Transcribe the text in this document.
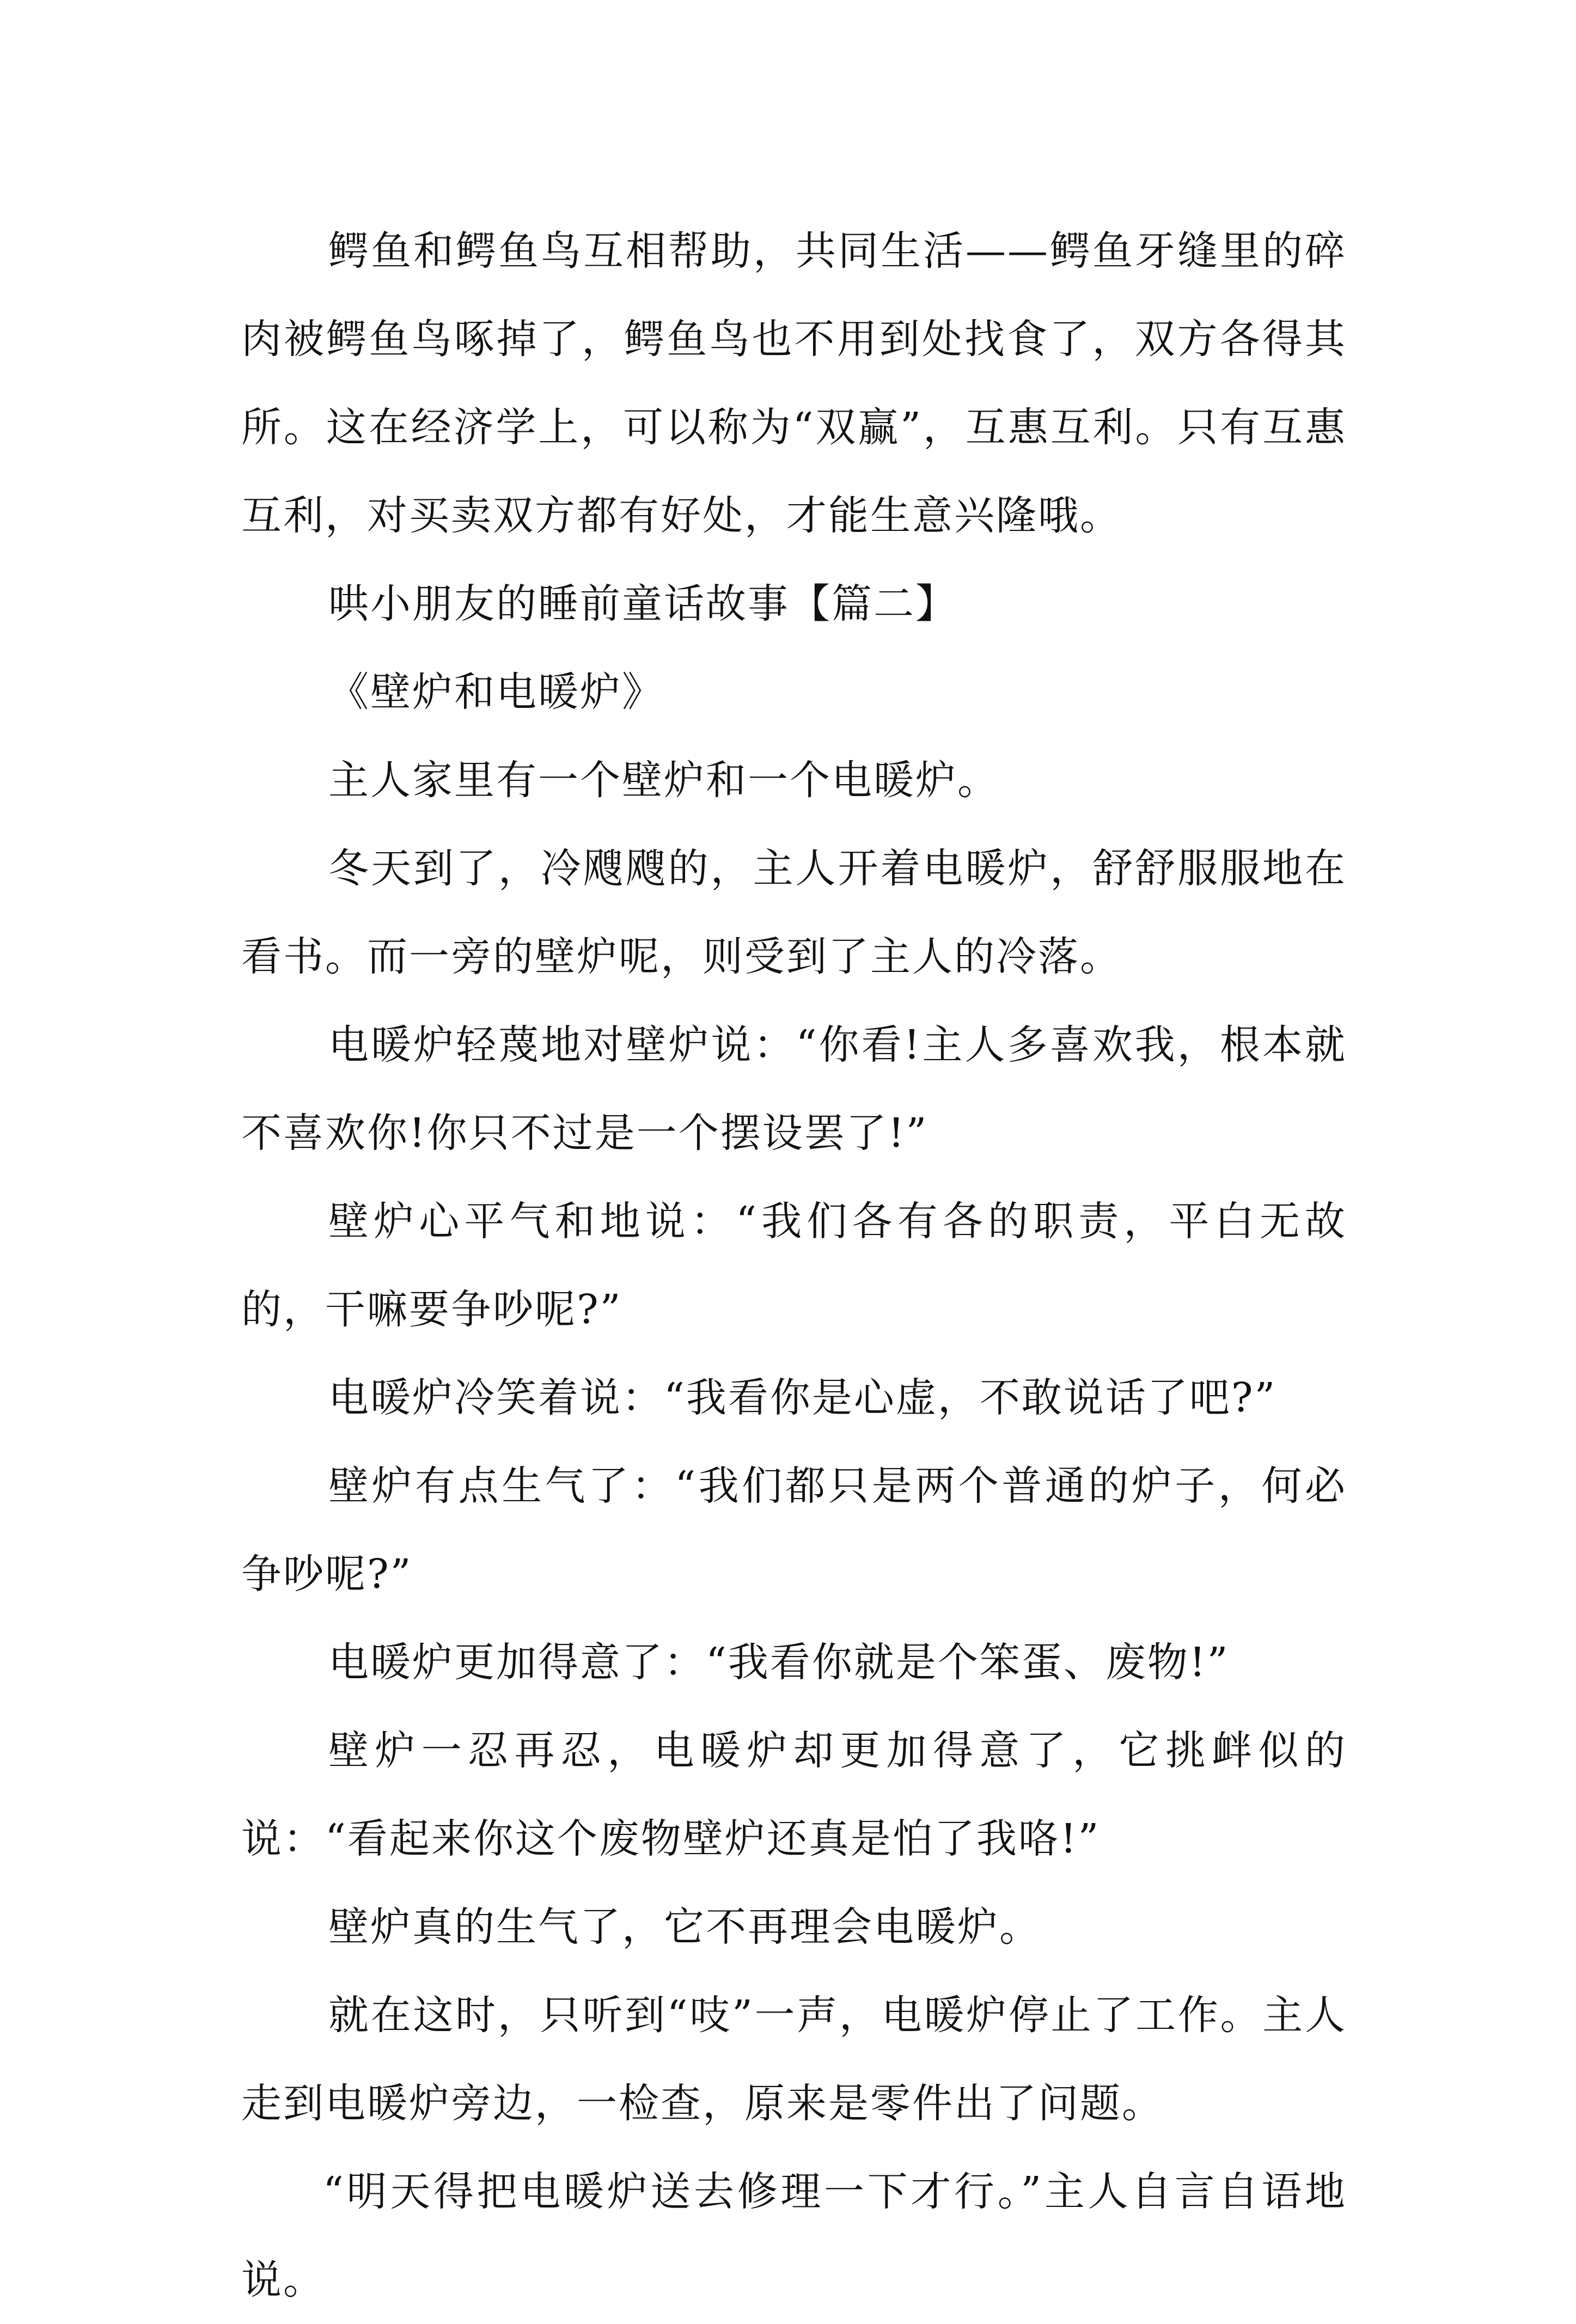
鳄鱼和鳄鱼鸟互相帮助，共同生活——鳄鱼牙缝里的碎肉被鳄鱼鸟啄掉了，鳄鱼鸟也不用到处找食了，双方各得其所。这在经济学上，可以称为“双赢”，互惠互利。只有互惠互利，对买卖双方都有好处，才能生意兴隆哦。

哄小朋友的睡前童话故事【篇二】

《壁炉和电暖炉》

主人家里有一个壁炉和一个电暖炉。

冬天到了，冷飕飕的，主人开着电暖炉，舒舒服服地在看书。而一旁的壁炉呢，则受到了主人的冷落。

电暖炉轻蔑地对壁炉说：“你看!主人多喜欢我，根本就不喜欢你!你只不过是一个摆设罢了!”

壁炉心平气和地说：“我们各有各的职责，平白无故的，干嘛要争吵呢?”

电暖炉冷笑着说：“我看你是心虚，不敢说话了吧?”

壁炉有点生气了：“我们都只是两个普通的炉子，何必争吵呢?”

电暖炉更加得意了：“我看你就是个笨蛋、废物!”

壁炉一忍再忍，电暖炉却更加得意了，它挑衅似的说：“看起来你这个废物壁炉还真是怕了我咯!”

壁炉真的生气了，它不再理会电暖炉。

就在这时，只听到“吱”一声，电暖炉停止了工作。主人走到电暖炉旁边，一检查，原来是零件出了问题。

“明天得把电暖炉送去修理一下才行。”主人自言自语地说。
